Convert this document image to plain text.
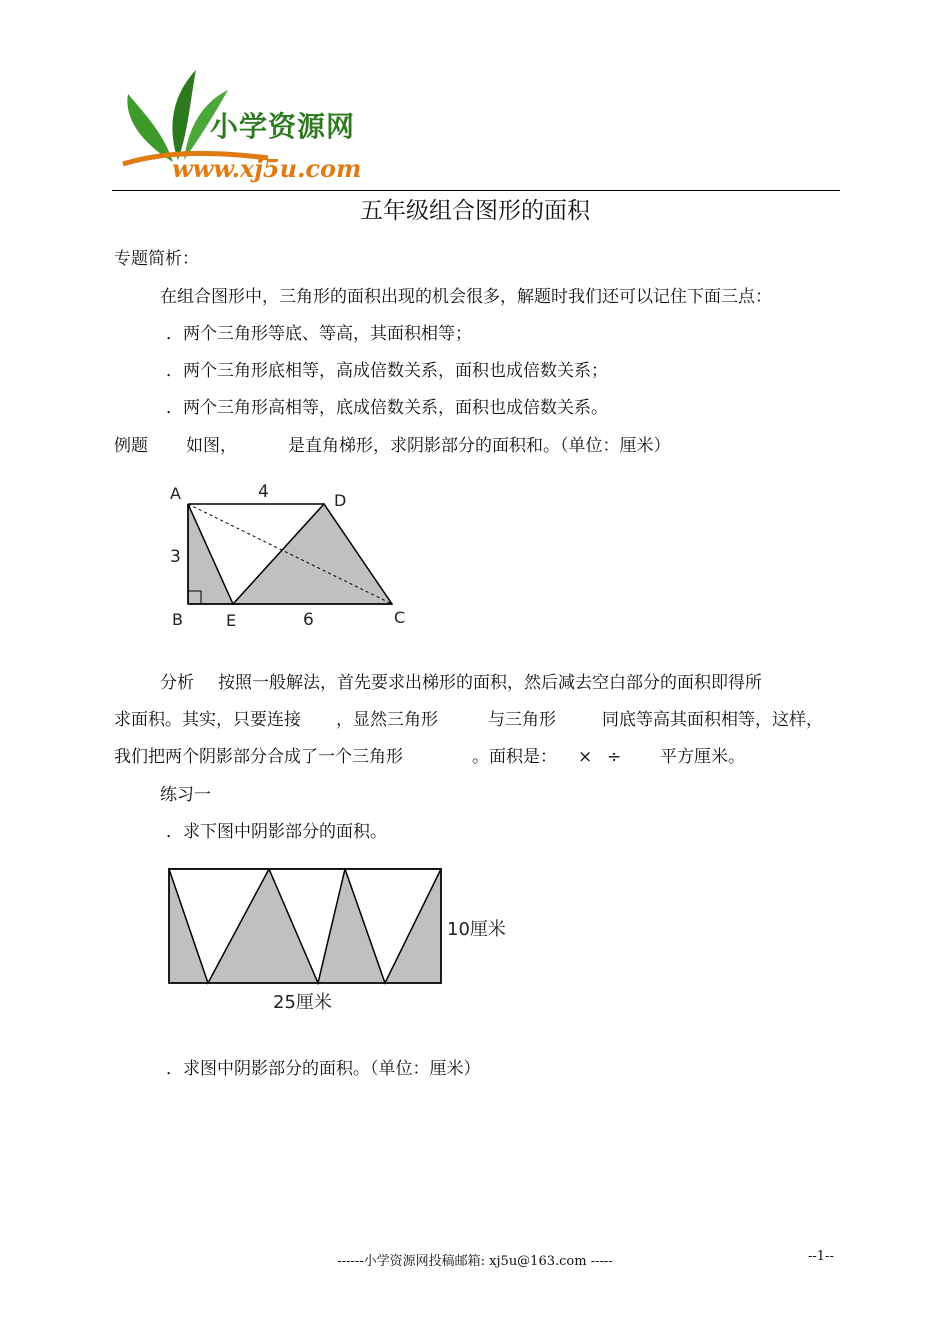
小学资源网
www.xj5u.com
五年级组合图形的面积
专题简析：
在组合图形中，三角形的面积出现的机会很多，解题时我们还可以记住下面三点：
．两个三角形等底、等高，其面积相等；
．两个三角形底相等，高成倍数关系，面积也成倍数关系；
．两个三角形高相等，底成倍数关系，面积也成倍数关系。
例题 如图，	是直角梯形，求阴影部分的面积和。（单位：厘米）
A	D
B	E	C
4
3
6
分析 按照一般解法，首先要求出梯形的面积，然后减去空白部分的面积即得所
求面积。其实，只要连接 ，显然三角形	与三角形	同底等高其面积相等，这样，
我们把两个阴影部分合成了一个三角形	。面积是： × ÷ 平方厘米。
练习一
．求下图中阴影部分的面积。
10厘米
25厘米
．求图中阴影部分的面积。（单位：厘米）
------小学资源网投稿邮箱: xj5u@163.com -----	--1--
